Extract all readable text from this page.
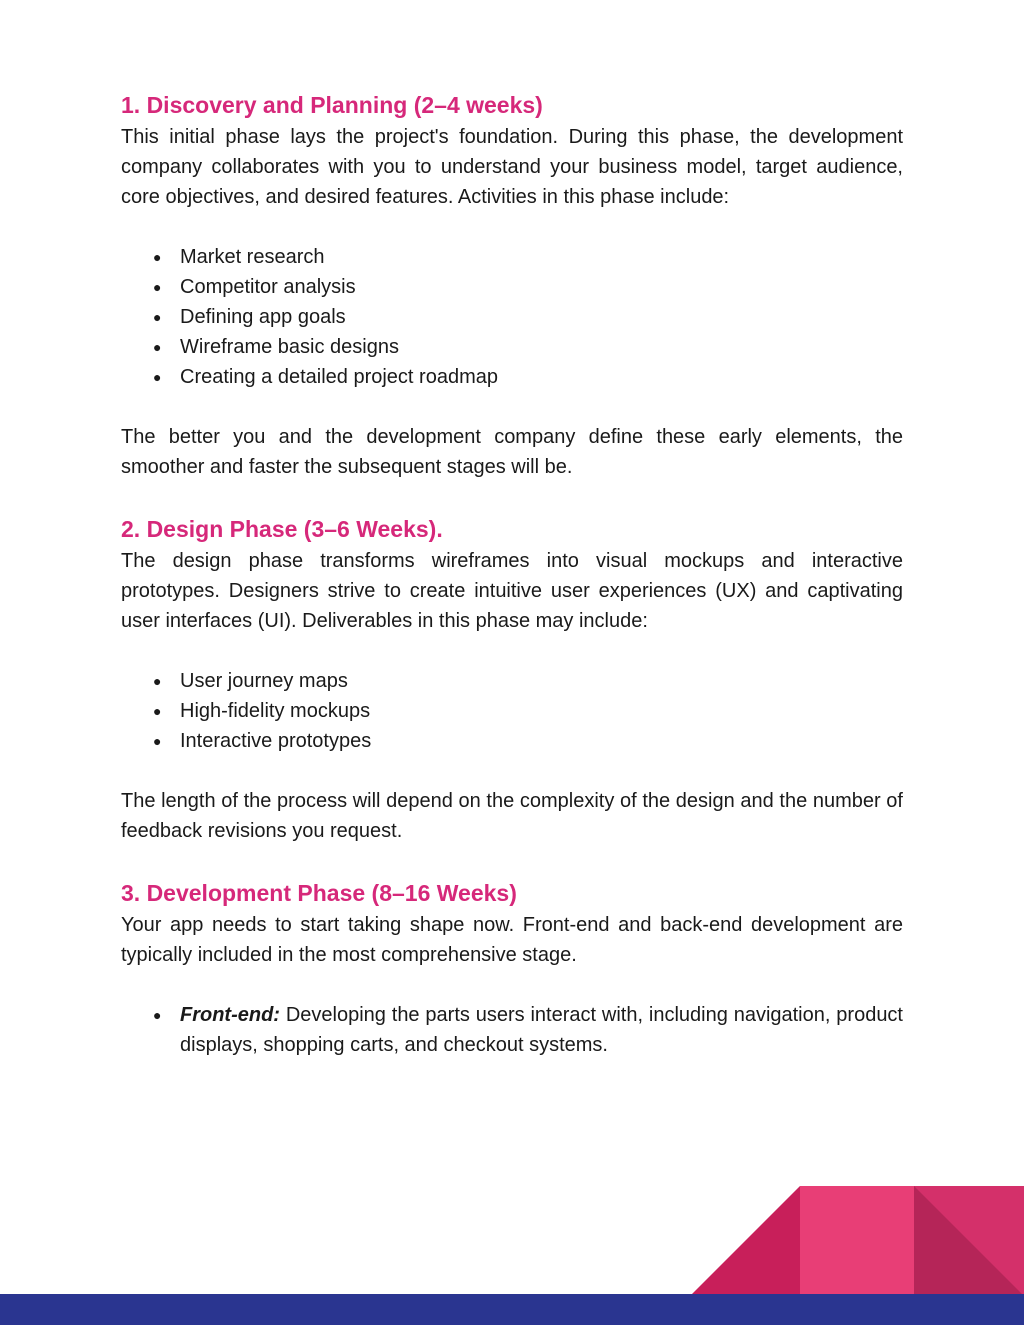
1. Discovery and Planning (2–4 weeks)

This initial phase lays the project's foundation. During this phase, the development company collaborates with you to understand your business model, target audience, core objectives, and desired features. Activities in this phase include:

● Market research
● Competitor analysis
● Defining app goals
● Wireframe basic designs
● Creating a detailed project roadmap

The better you and the development company define these early elements, the smoother and faster the subsequent stages will be.

2. Design Phase (3–6 Weeks).

The design phase transforms wireframes into visual mockups and interactive prototypes. Designers strive to create intuitive user experiences (UX) and captivating user interfaces (UI). Deliverables in this phase may include:

● User journey maps
● High-fidelity mockups
● Interactive prototypes

The length of the process will depend on the complexity of the design and the number of feedback revisions you request.

3. Development Phase (8–16 Weeks)

Your app needs to start taking shape now. Front-end and back-end development are typically included in the most comprehensive stage.

● Front-end: Developing the parts users interact with, including navigation, product displays, shopping carts, and checkout systems.
